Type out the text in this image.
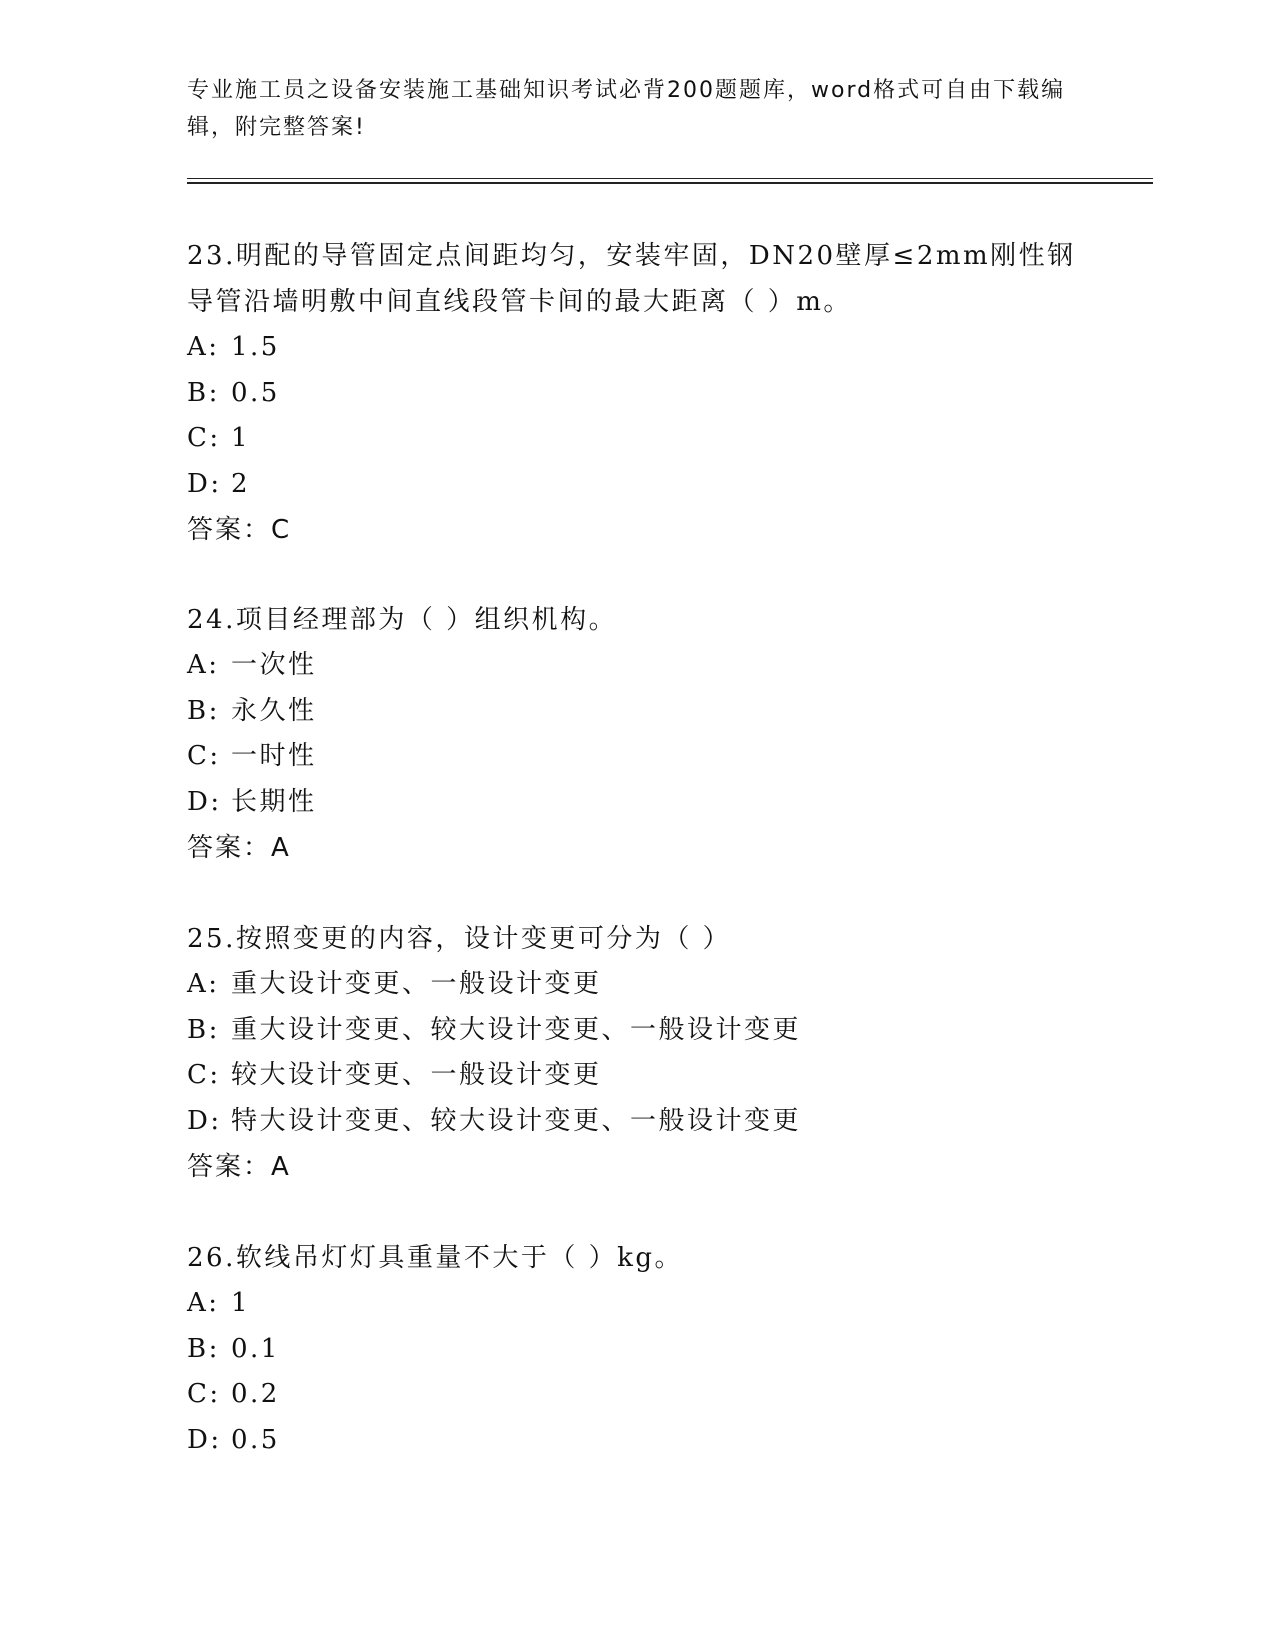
专业施工员之设备安装施工基础知识考试必背200题题库，word格式可自由下载编辑，附完整答案!
23.明配的导管固定点间距均匀，安装牢固，DN20壁厚≤2mm刚性钢导管沿墙明敷中间直线段管卡间的最大距离（ ）m。
A: 1.5
B: 0.5
C: 1
D: 2
答案：C
24.项目经理部为（ ）组织机构。
A: 一次性
B: 永久性
C: 一时性
D: 长期性
答案：A
25.按照变更的内容，设计变更可分为（ ）
A: 重大设计变更、一般设计变更
B: 重大设计变更、较大设计变更、一般设计变更
C: 较大设计变更、一般设计变更
D: 特大设计变更、较大设计变更、一般设计变更
答案：A
26.软线吊灯灯具重量不大于（ ）kg。
A: 1
B: 0.1
C: 0.2
D: 0.5
